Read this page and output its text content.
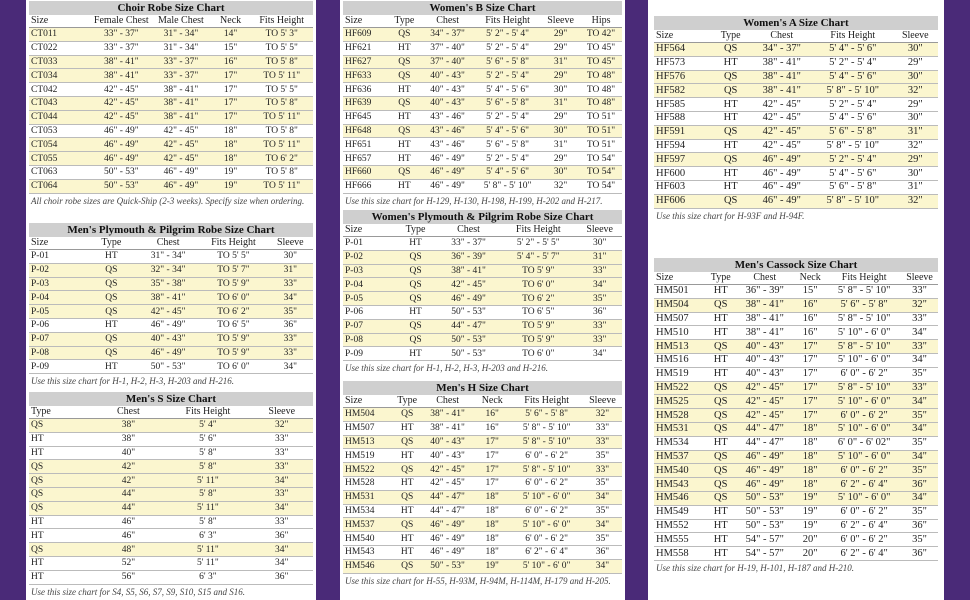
Choir Robe Size Chart
Size	Female Chest	Male Chest	Neck	Fits Height
CT011	33" - 37"	31" - 34"	14"	TO 5' 3"
CT022	33" - 37"	31" - 34"	15"	TO 5' 5"
CT033	38" - 41"	33" - 37"	16"	TO 5' 8"
CT034	38" - 41"	33" - 37"	17"	TO 5' 11"
CT042	42" - 45"	38" - 41"	17"	TO 5' 5"
CT043	42" - 45"	38" - 41"	17"	TO 5' 8"
CT044	42" - 45"	38" - 41"	17"	TO 5' 11"
CT053	46" - 49"	42" - 45"	18"	TO 5' 8"
CT054	46" - 49"	42" - 45"	18"	TO 5' 11"
CT055	46" - 49"	42" - 45"	18"	TO 6' 2"
CT063	50" - 53"	46" - 49"	19"	TO 5' 8"
CT064	50" - 53"	46" - 49"	19"	TO 5' 11"
All choir robe sizes are Quick-Ship (2-3 weeks). Specify size when ordering.
Men's Plymouth & Pilgrim Robe Size Chart
Size	Type	Chest	Fits Height	Sleeve
P-01	HT	31" - 34"	TO 5' 5"	30"
P-02	QS	32" - 34"	TO 5' 7"	31"
P-03	QS	35" - 38"	TO 5' 9"	33"
P-04	QS	38" - 41"	TO 6' 0"	34"
P-05	QS	42" - 45"	TO 6' 2"	35"
P-06	HT	46" - 49"	TO 6' 5"	36"
P-07	QS	40" - 43"	TO 5' 9"	33"
P-08	QS	46" - 49"	TO 5' 9"	33"
P-09	HT	50" - 53"	TO 6' 0"	34"
Use this size chart for H-1, H-2, H-3, H-203 and H-216.
Men's S Size Chart
Type	Chest	Fits Height	Sleeve
QS	38"	5' 4"	32"
HT	38"	5' 6"	33"
HT	40"	5' 8"	33"
QS	42"	5' 8"	33"
QS	42"	5' 11"	34"
QS	44"	5' 8"	33"
QS	44"	5' 11"	34"
HT	46"	5' 8"	33"
HT	46"	6' 3"	36"
QS	48"	5' 11"	34"
HT	52"	5' 11"	34"
HT	56"	6' 3"	36"
Use this size chart for S4, S5, S6, S7, S9, S10, S15 and S16.
Women's B Size Chart
Size	Type	Chest	Fits Height	Sleeve	Hips
HF609	QS	34" - 37"	5' 2" - 5' 4"	29"	TO 42"
HF621	HT	37" - 40"	5' 2" - 5' 4"	29"	TO 45"
HF627	QS	37" - 40"	5' 6" - 5' 8"	31"	TO 45"
HF633	QS	40" - 43"	5' 2" - 5' 4"	29"	TO 48"
HF636	HT	40" - 43"	5' 4" - 5' 6"	30"	TO 48"
HF639	QS	40" - 43"	5' 6" - 5' 8"	31"	TO 48"
HF645	HT	43" - 46"	5' 2" - 5' 4"	29"	TO 51"
HF648	QS	43" - 46"	5' 4" - 5' 6"	30"	TO 51"
HF651	HT	43" - 46"	5' 6" - 5' 8"	31"	TO 51"
HF657	HT	46" - 49"	5' 2" - 5' 4"	29"	TO 54"
HF660	QS	46" - 49"	5' 4" - 5' 6"	30"	TO 54"
HF666	HT	46" - 49"	5' 8" - 5' 10"	32"	TO 54"
Use this size chart for H-129, H-130, H-198, H-199, H-202 and H-217.
Women's Plymouth & Pilgrim Robe Size Chart
Size	Type	Chest	Fits Height	Sleeve
P-01	HT	33" - 37"	5' 2" - 5' 5"	30"
P-02	QS	36" - 39"	5' 4" - 5' 7"	31"
P-03	QS	38" - 41"	TO 5' 9"	33"
P-04	QS	42" - 45"	TO 6' 0"	34"
P-05	QS	46" - 49"	TO 6' 2"	35"
P-06	HT	50" - 53"	TO 6' 5"	36"
P-07	QS	44" - 47"	TO 5' 9"	33"
P-08	QS	50" - 53"	TO 5' 9"	33"
P-09	HT	50" - 53"	TO 6' 0"	34"
Use this size chart for H-1, H-2, H-3, H-203 and H-216.
Men's H Size Chart
Size	Type	Chest	Neck	Fits Height	Sleeve
HM504	QS	38" - 41"	16"	5' 6" - 5' 8"	32"
HM507	HT	38" - 41"	16"	5' 8" - 5' 10"	33"
HM513	QS	40" - 43"	17"	5' 8" - 5' 10"	33"
HM519	HT	40" - 43"	17"	6' 0" - 6' 2"	35"
HM522	QS	42" - 45"	17"	5' 8" - 5' 10"	33"
HM528	HT	42" - 45"	17"	6' 0" - 6' 2"	35"
HM531	QS	44" - 47"	18"	5' 10" - 6' 0"	34"
HM534	HT	44" - 47"	18"	6' 0" - 6' 2"	35"
HM537	QS	46" - 49"	18"	5' 10" - 6' 0"	34"
HM540	HT	46" - 49"	18"	6' 0" - 6' 2"	35"
HM543	HT	46" - 49"	18"	6' 2" - 6' 4"	36"
HM546	QS	50" - 53"	19"	5' 10" - 6' 0"	34"
Use this size chart for H-55, H-93M, H-94M, H-114M, H-179 and H-205.
Women's A Size Chart
Size	Type	Chest	Fits Height	Sleeve
HF564	QS	34" - 37"	5' 4" - 5' 6"	30"
HF573	HT	38" - 41"	5' 2" - 5' 4"	29"
HF576	QS	38" - 41"	5' 4" - 5' 6"	30"
HF582	QS	38" - 41"	5' 8" - 5' 10"	32"
HF585	HT	42" - 45"	5' 2" - 5' 4"	29"
HF588	HT	42" - 45"	5' 4" - 5' 6"	30"
HF591	QS	42" - 45"	5' 6" - 5' 8"	31"
HF594	HT	42" - 45"	5' 8" - 5' 10"	32"
HF597	QS	46" - 49"	5' 2" - 5' 4"	29"
HF600	HT	46" - 49"	5' 4" - 5' 6"	30"
HF603	HT	46" - 49"	5' 6" - 5' 8"	31"
HF606	QS	46" - 49"	5' 8" - 5' 10"	32"
Use this size chart for H-93F and H-94F.
Men's Cassock Size Chart
Size	Type	Chest	Neck	Fits Height	Sleeve
HM501	HT	36" - 39"	15"	5' 8" - 5' 10"	33"
HM504	QS	38" - 41"	16"	5' 6" - 5' 8"	32"
HM507	HT	38" - 41"	16"	5' 8" - 5' 10"	33"
HM510	HT	38" - 41"	16"	5' 10" - 6' 0"	34"
HM513	QS	40" - 43"	17"	5' 8" - 5' 10"	33"
HM516	HT	40" - 43"	17"	5' 10" - 6' 0"	34"
HM519	HT	40" - 43"	17"	6' 0" - 6' 2"	35"
HM522	QS	42" - 45"	17"	5' 8" - 5' 10"	33"
HM525	QS	42" - 45"	17"	5' 10" - 6' 0"	34"
HM528	QS	42" - 45"	17"	6' 0" - 6' 2"	35"
HM531	QS	44" - 47"	18"	5' 10" - 6' 0"	34"
HM534	HT	44" - 47"	18"	6' 0" - 6' 02"	35"
HM537	QS	46" - 49"	18"	5' 10" - 6' 0"	34"
HM540	QS	46" - 49"	18"	6' 0" - 6' 2"	35"
HM543	QS	46" - 49"	18"	6' 2" - 6' 4"	36"
HM546	QS	50" - 53"	19"	5' 10" - 6' 0"	34"
HM549	HT	50" - 53"	19"	6' 0" - 6' 2"	35"
HM552	HT	50" - 53"	19"	6' 2" - 6' 4"	36"
HM555	HT	54" - 57"	20"	6' 0" - 6' 2"	35"
HM558	HT	54" - 57"	20"	6' 2" - 6' 4"	36"
Use this size chart for H-19, H-101, H-187 and H-210.
